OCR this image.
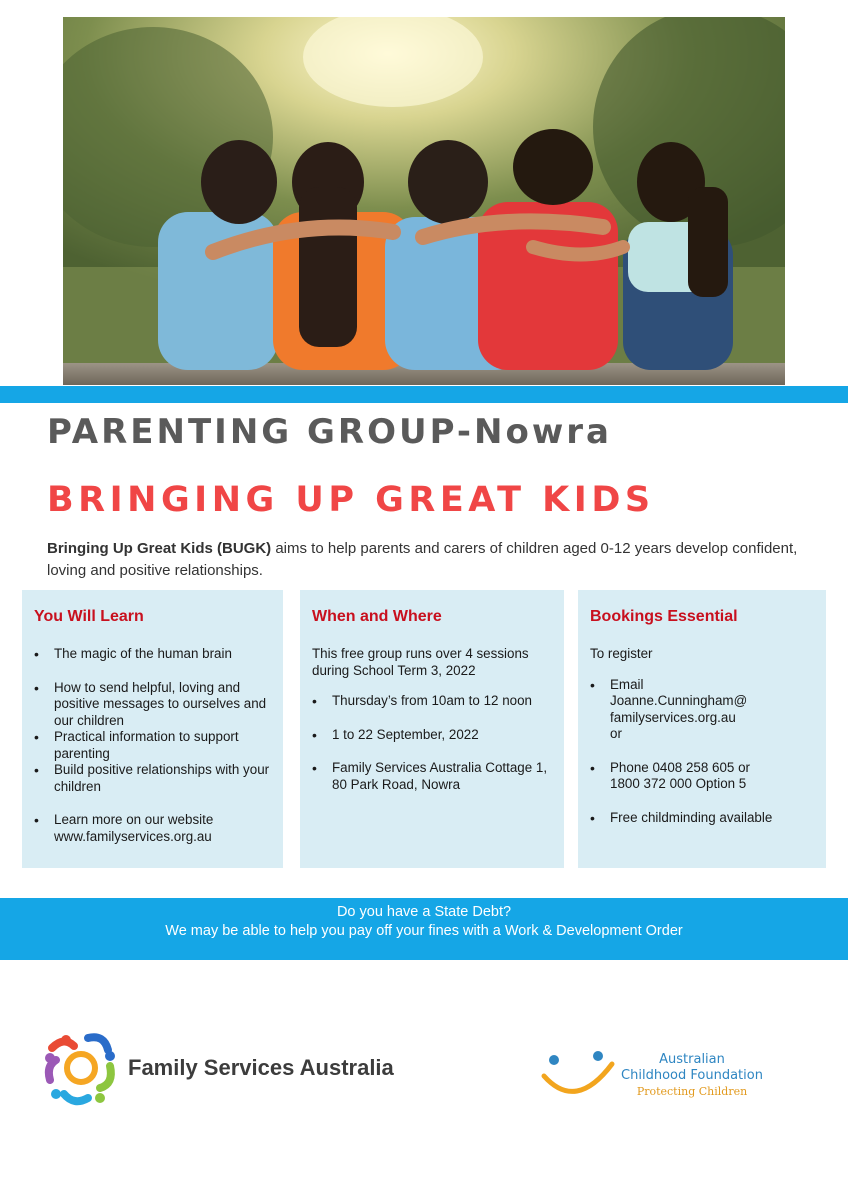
PARENTING GROUP-Nowra
BRINGING UP GREAT KIDS

Bringing Up Great Kids (BUGK) aims to help parents and carers of children aged 0-12 years develop confident, loving and positive relationships.

You Will Learn
• The magic of the human brain
• How to send helpful, loving and positive messages to ourselves and our children
• Practical information to support parenting
• Build positive relationships with your children
• Learn more on our website www.familyservices.org.au
When and Where

This free group runs over 4 sessions during School Term 3, 2022

• Thursday’s from 10am to 12 noon
• 1 to 22 September, 2022
• Family Services Australia Cottage 1, 80 Park Road, Nowra
Bookings Essential

To register

• Email Joanne.Cunningham@ familyservices.org.au or
• Phone 0408 258 605 or 1800 372 000 Option 5
• Free childminding available
Do you have a State Debt?
We may be able to help you pay off your fines with a Work & Development Order

Family Services Australia	Australian
Childhood Foundation
Protecting Children
